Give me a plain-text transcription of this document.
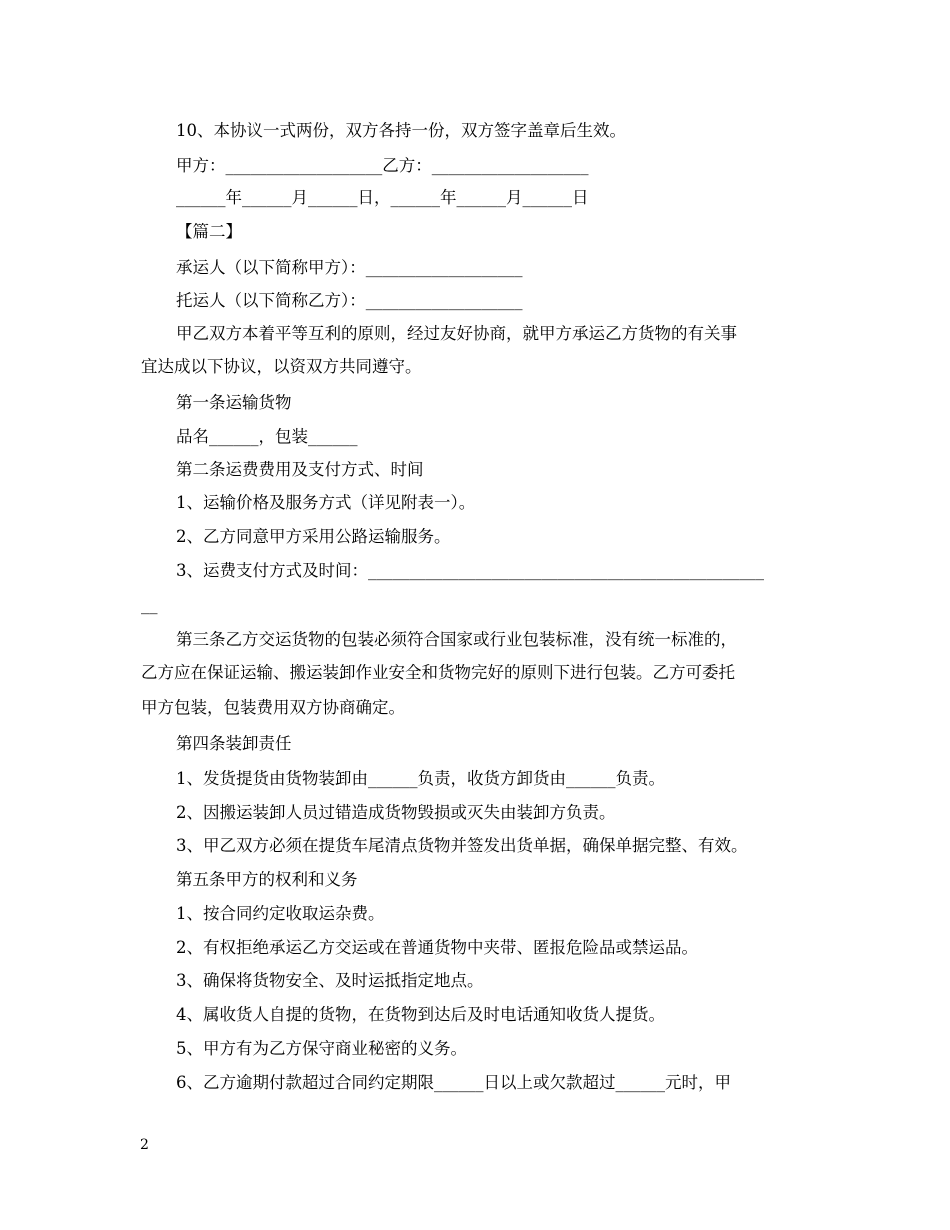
10、本协议一式两份，双方各持一份，双方签字盖章后生效。
甲方：___________________乙方：___________________
______年______月______日，______年______月______日
【篇二】
承运人（以下简称甲方）：___________________
托运人（以下简称乙方）：___________________
甲乙双方本着平等互利的原则，经过友好协商，就甲方承运乙方货物的有关事
宜达成以下协议，以资双方共同遵守。
第一条运输货物
品名______，包装______
第二条运费费用及支付方式、时间
1、运输价格及服务方式（详见附表一）。
2、乙方同意甲方采用公路运输服务。
3、运费支付方式及时间：________________________________________________
__
第三条乙方交运货物的包装必须符合国家或行业包装标准，没有统一标准的，
乙方应在保证运输、搬运装卸作业安全和货物完好的原则下进行包装。乙方可委托
甲方包装，包装费用双方协商确定。
第四条装卸责任
1、发货提货由货物装卸由______负责，收货方卸货由______负责。
2、因搬运装卸人员过错造成货物毁损或灭失由装卸方负责。
3、甲乙双方必须在提货车尾清点货物并签发出货单据，确保单据完整、有效。
第五条甲方的权利和义务
1、按合同约定收取运杂费。
2、有权拒绝承运乙方交运或在普通货物中夹带、匿报危险品或禁运品。
3、确保将货物安全、及时运抵指定地点。
4、属收货人自提的货物，在货物到达后及时电话通知收货人提货。
5、甲方有为乙方保守商业秘密的义务。
6、乙方逾期付款超过合同约定期限______日以上或欠款超过______元时，甲
2
